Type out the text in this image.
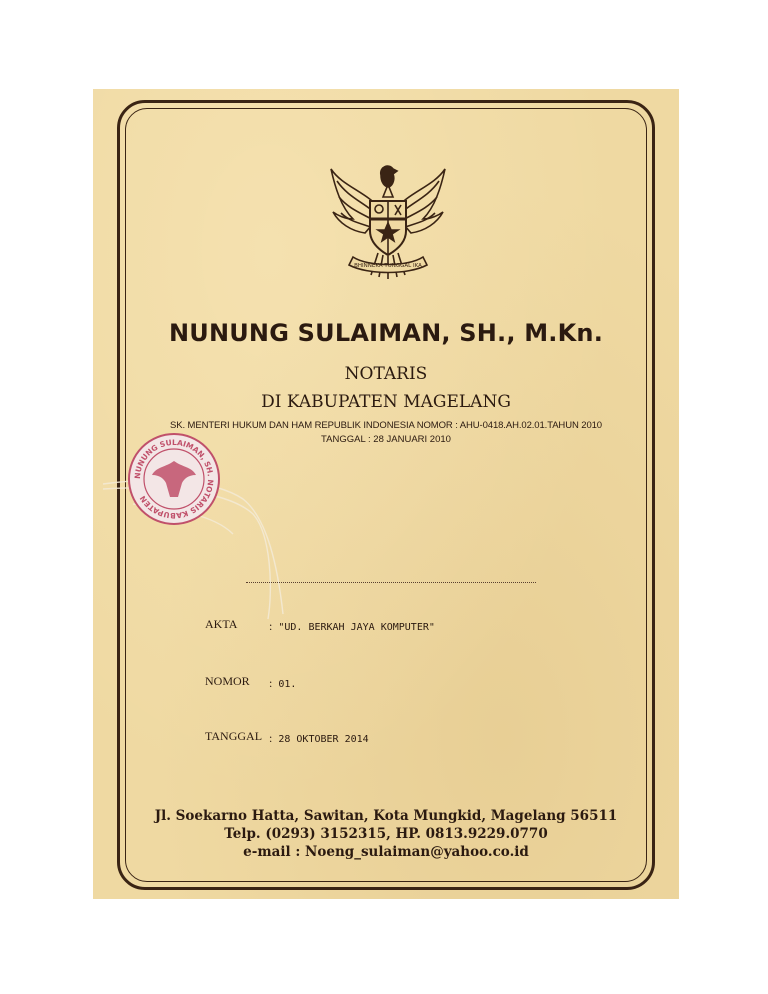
BHINNEKA TUNGGAL IKA
NUNUNG SULAIMAN, SH., M.Kn.
NOTARIS
DI KABUPATEN MAGELANG
SK. MENTERI HUKUM DAN HAM REPUBLIK INDONESIA NOMOR : AHU-0418.AH.02.01.TAHUN 2010
TANGGAL : 28 JANUARI 2010
NUNUNG SULAIMAN, SH. NOTARIS KABUPATEN
AKTA	: "UD. BERKAH JAYA KOMPUTER"
NOMOR : 01.
TANGGAL : 28 OKTOBER 2014
Jl. Soekarno Hatta, Sawitan, Kota Mungkid, Magelang 56511
Telp. (0293) 3152315, HP. 0813.9229.0770
e-mail : Noeng_sulaiman@yahoo.co.id
